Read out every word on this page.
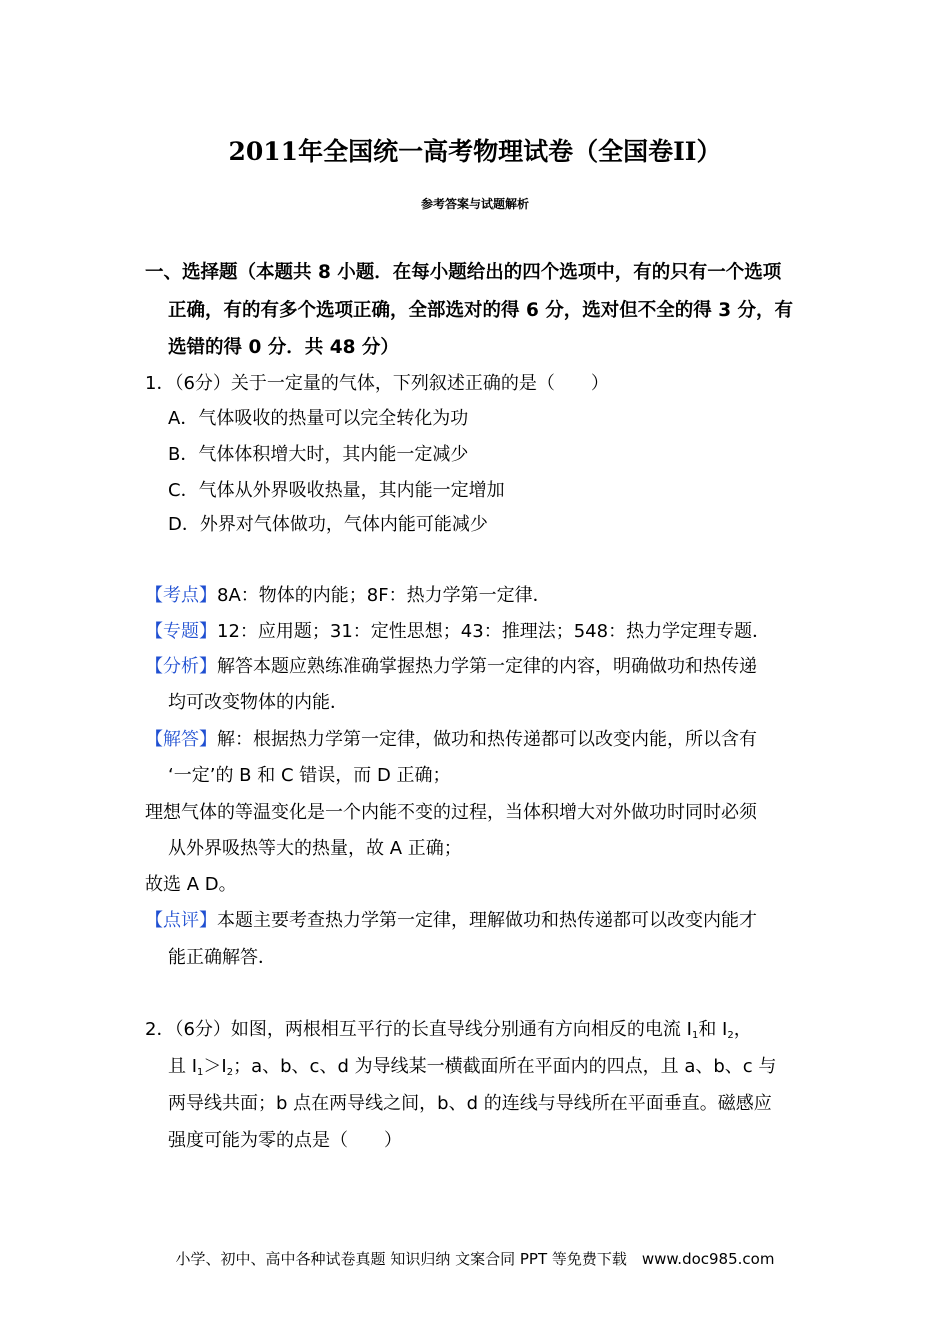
2011年全国统一高考物理试卷（全国卷II）
参考答案与试题解析
一、选择题（本题共 8 小题．在每小题给出的四个选项中，有的只有一个选项
正确，有的有多个选项正确，全部选对的得 6 分，选对但不全的得 3 分，有
选错的得 0 分．共 48 分）
1．（6分）关于一定量的气体，下列叙述正确的是（　　）
A．气体吸收的热量可以完全转化为功
B．气体体积增大时，其内能一定减少
C．气体从外界吸收热量，其内能一定增加
D．外界对气体做功，气体内能可能减少
【考点】8A：物体的内能；8F：热力学第一定律．
【专题】12：应用题；31：定性思想；43：推理法；548：热力学定理专题．
【分析】解答本题应熟练准确掌握热力学第一定律的内容，明确做功和热传递
均可改变物体的内能．
【解答】解：根据热力学第一定律，做功和热传递都可以改变内能，所以含有
‘一定’的 B 和 C 错误，而 D 正确；
理想气体的等温变化是一个内能不变的过程，当体积增大对外做功时同时必须
从外界吸热等大的热量，故 A 正确；
故选 A D。
【点评】本题主要考查热力学第一定律，理解做功和热传递都可以改变内能才
能正确解答．
2．（6分）如图，两根相互平行的长直导线分别通有方向相反的电流 $I_1$和 $I_2$，
且 $I_1>I_2$；a、b、c、d 为导线某一横截面所在平面内的四点，且 a、b、c 与
两导线共面；b 点在两导线之间，b、d 的连线与导线所在平面垂直。磁感应
强度可能为零的点是（　　）
小学、初中、高中各种试卷真题 知识归纳 文案合同 PPT 等免费下载　www.doc985.com
